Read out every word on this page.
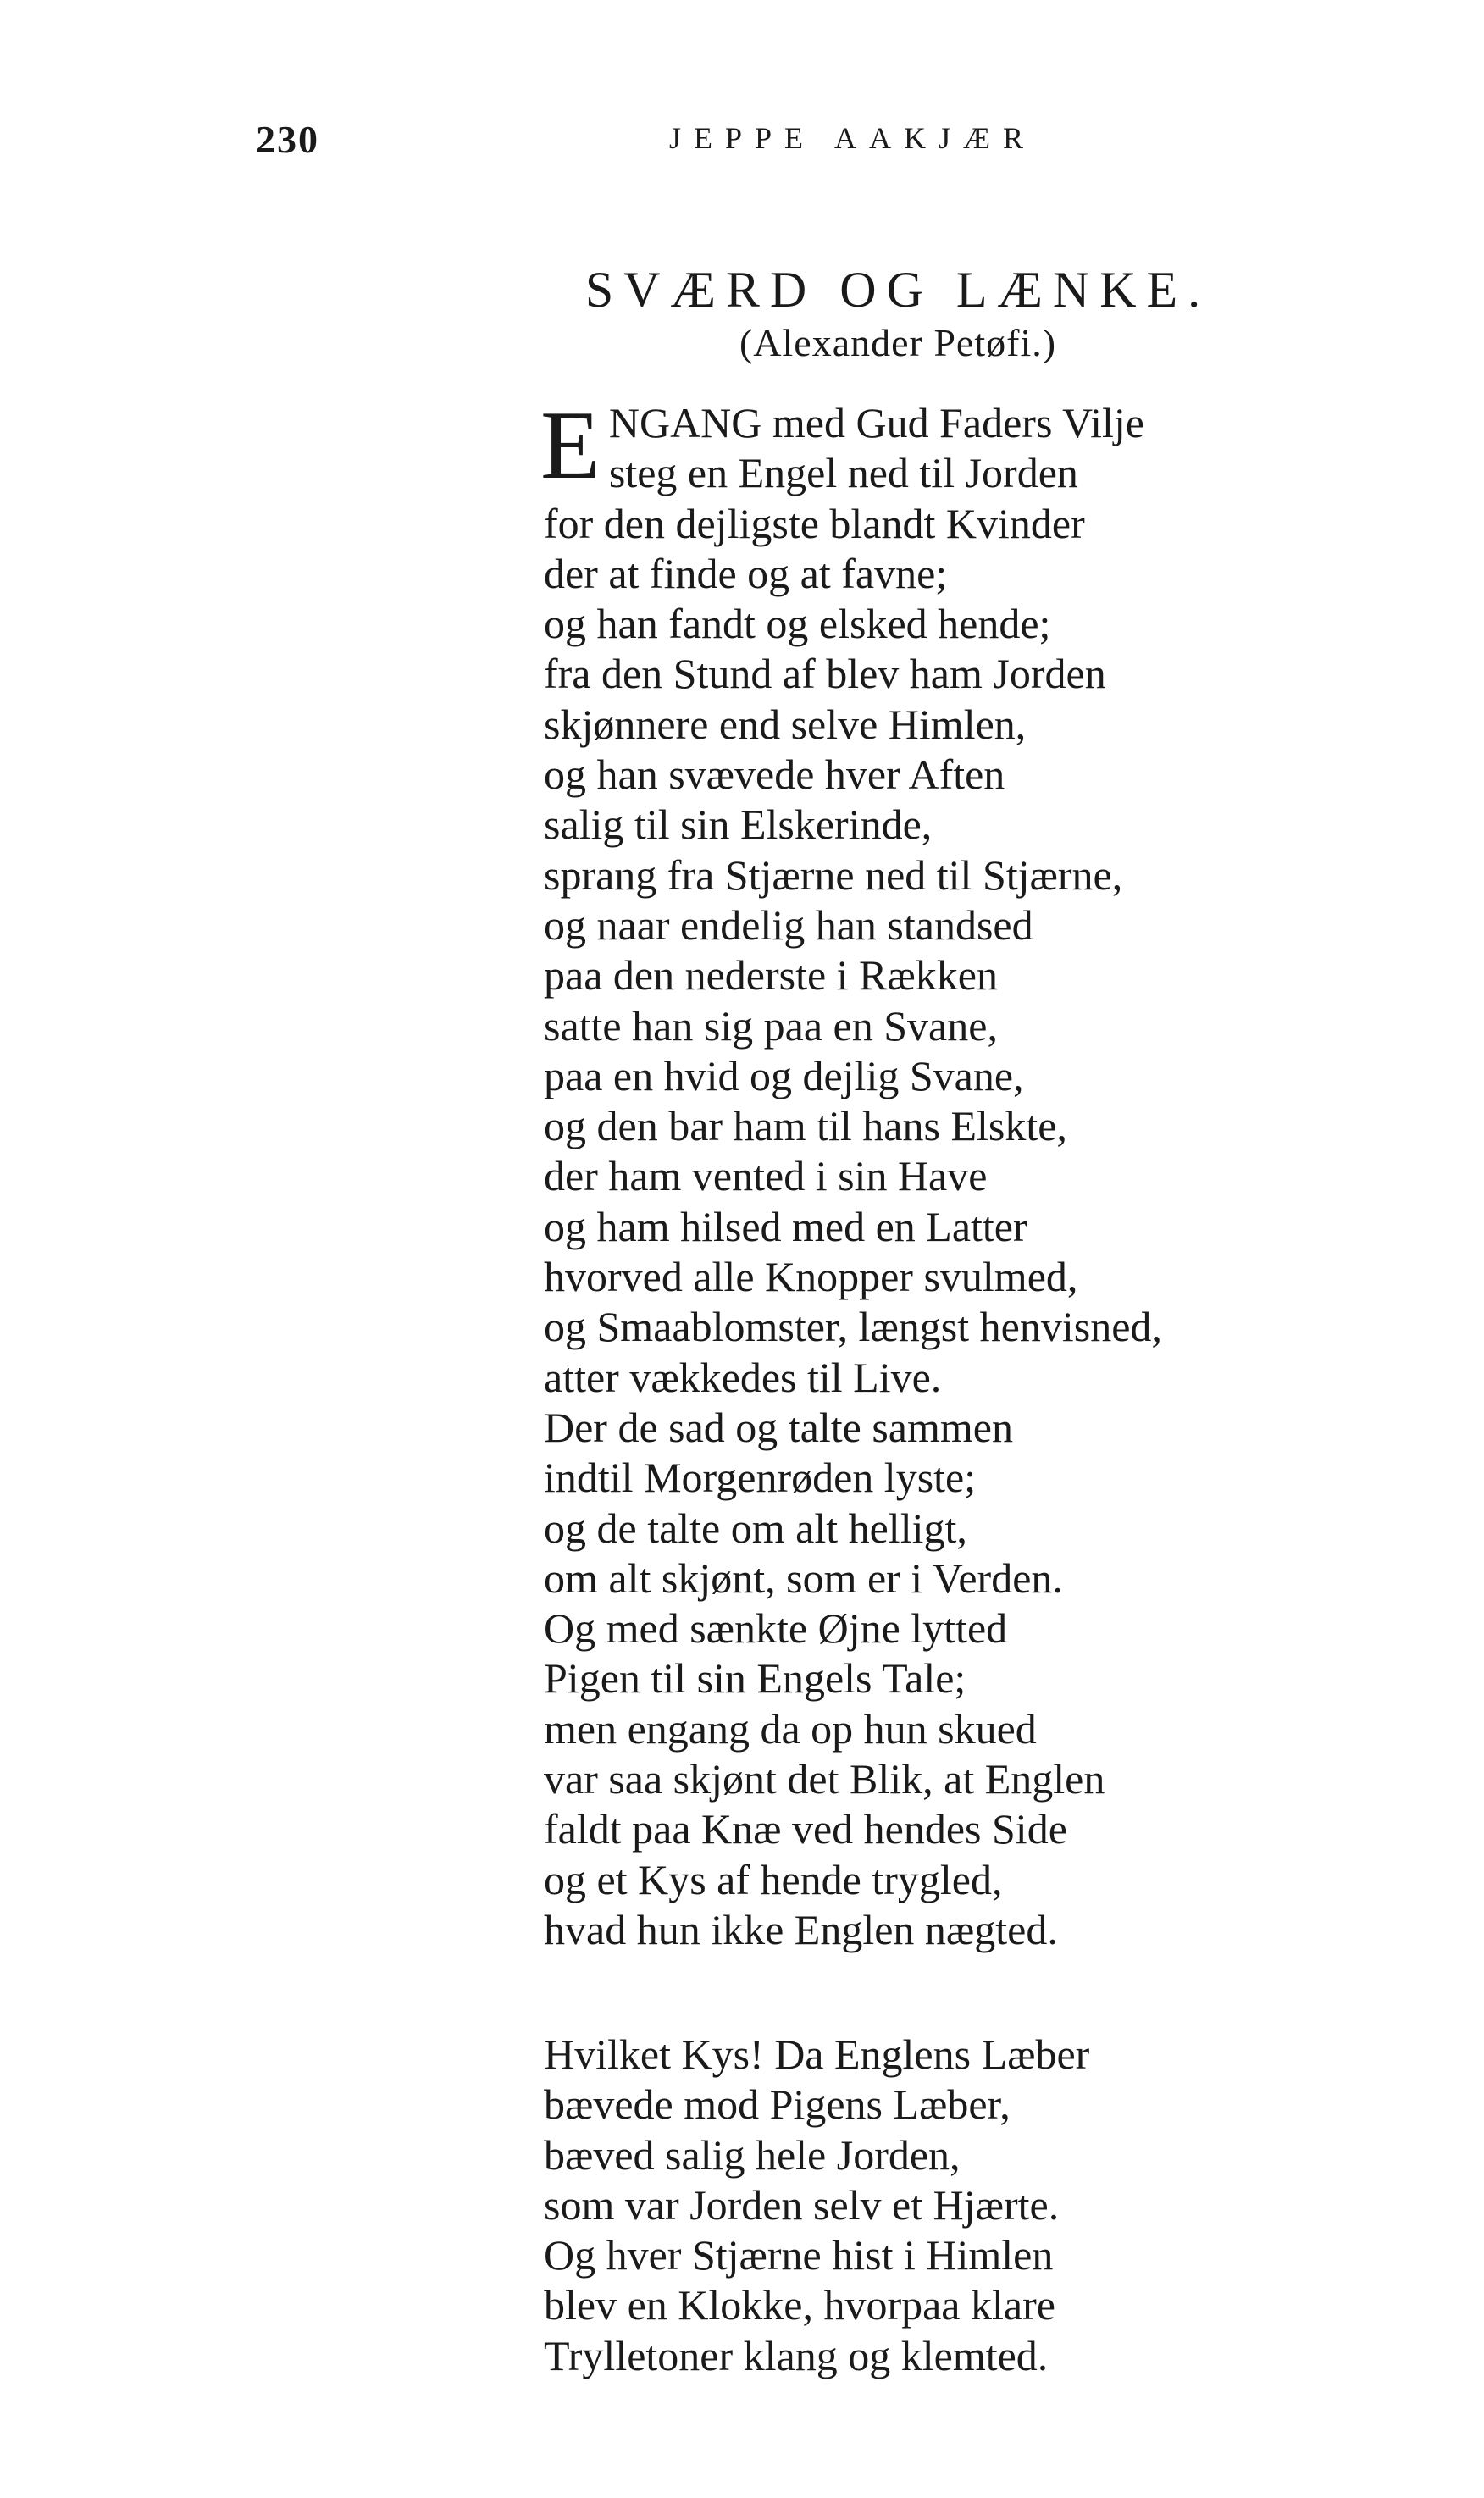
230	JEPPE AAKJÆR
SVÆRD OG LÆNKE.
(Alexander Petøfi.)
E NGANG med Gud Faders Vilje
steg en Engel ned til Jorden
for den dejligste blandt Kvinder
der at finde og at favne;
og han fandt og elsked hende;
fra den Stund af blev ham Jorden
skjønnere end selve Himlen,
og han svævede hver Aften
salig til sin Elskerinde,
sprang fra Stjærne ned til Stjærne,
og naar endelig han standsed
paa den nederste i Rækken
satte han sig paa en Svane,
paa en hvid og dejlig Svane,
og den bar ham til hans Elskte,
der ham vented i sin Have
og ham hilsed med en Latter
hvorved alle Knopper svulmed,
og Smaablomster, længst henvisned,
atter vækkedes til Live.
Der de sad og talte sammen
indtil Morgenrøden lyste;
og de talte om alt helligt,
om alt skjønt, som er i Verden.
Og med sænkte Øjne lytted
Pigen til sin Engels Tale;
men engang da op hun skued
var saa skjønt det Blik, at Englen
faldt paa Knæ ved hendes Side
og et Kys af hende trygled,
hvad hun ikke Englen nægted.
Hvilket Kys! Da Englens Læber
bævede mod Pigens Læber,
bæved salig hele Jorden,
som var Jorden selv et Hjærte.
Og hver Stjærne hist i Himlen
blev en Klokke, hvorpaa klare
Trylletoner klang og klemted.
